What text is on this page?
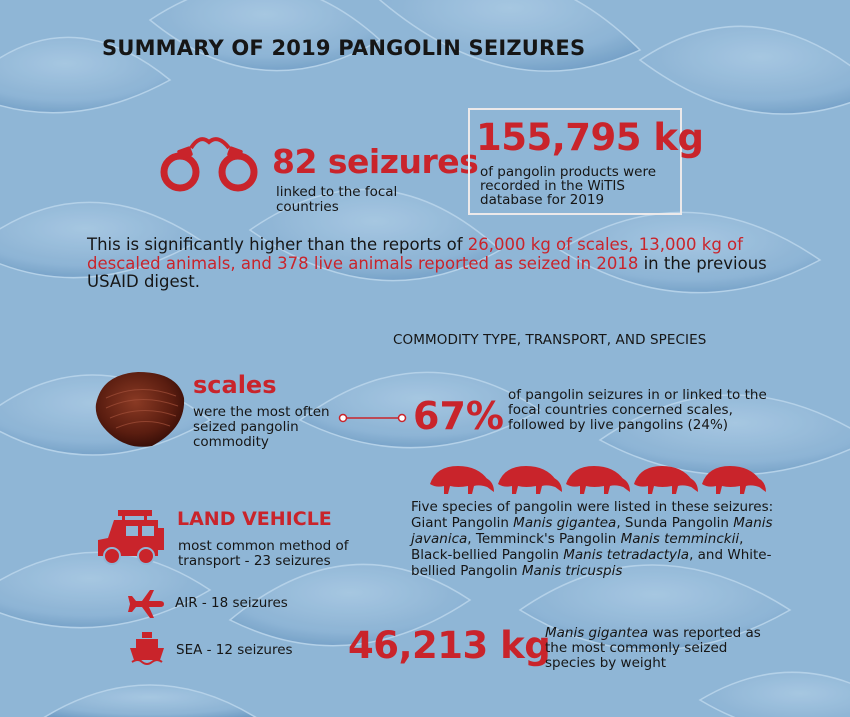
SUMMARY OF 2019 PANGOLIN SEIZURES
82 seizures
linked to the focal countries
155,795 kg
of pangolin products were recorded in the WiTIS database for 2019
This is significantly higher than the reports of 26,000 kg of scales, 13,000 kg of descaled animals, and 378 live animals reported as seized in 2018 in the previous USAID digest.
COMMODITY TYPE, TRANSPORT, AND SPECIES
scales
were the most often seized pangolin commodity
67% of pangolin seizures in or linked to the focal countries concerned scales, followed by live pangolins (24%)
LAND VEHICLE
most common method of transport - 23 seizures
AIR - 18 seizures
SEA - 12 seizures
Five species of pangolin were listed in these seizures: Giant Pangolin Manis gigantea, Sunda Pangolin Manis javanica, Temminck's Pangolin Manis temminckii, Black-bellied Pangolin Manis tetradactyla, and White-bellied Pangolin Manis tricuspis
46,213 kg
Manis gigantea was reported as the most commonly seized species by weight
